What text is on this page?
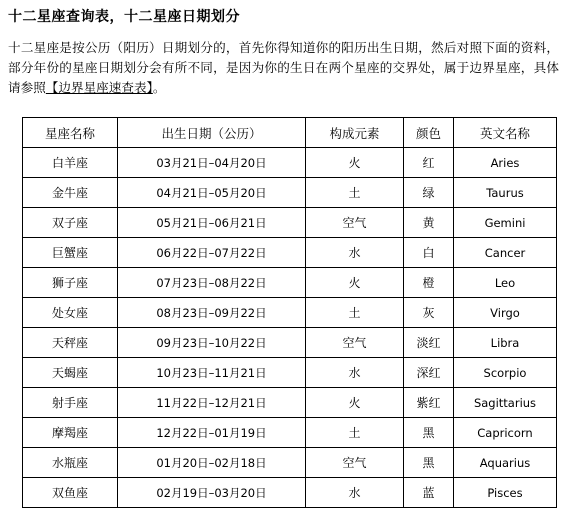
十二星座查询表，十二星座日期划分
十二星座是按公历（阳历）日期划分的，首先你得知道你的阳历出生日期，然后对照下面的资料，部分年份的星座日期划分会有所不同，是因为你的生日在两个星座的交界处，属于边界星座，具体请参照【边界星座速查表】。
星座名称	出生日期（公历）	构成元素	颜色	英文名称
白羊座	03月21日–04月20日	火	红	Aries
金牛座	04月21日–05月20日	土	绿	Taurus
双子座	05月21日–06月21日	空气	黄	Gemini
巨蟹座	06月22日–07月22日	水	白	Cancer
狮子座	07月23日–08月22日	火	橙	Leo
处女座	08月23日–09月22日	土	灰	Virgo
天秤座	09月23日–10月22日	空气	淡红	Libra
天蝎座	10月23日–11月21日	水	深红	Scorpio
射手座	11月22日–12月21日	火	紫红	Sagittarius
摩羯座	12月22日–01月19日	土	黑	Capricorn
水瓶座	01月20日–02月18日	空气	黑	Aquarius
双鱼座	02月19日–03月20日	水	蓝	Pisces
